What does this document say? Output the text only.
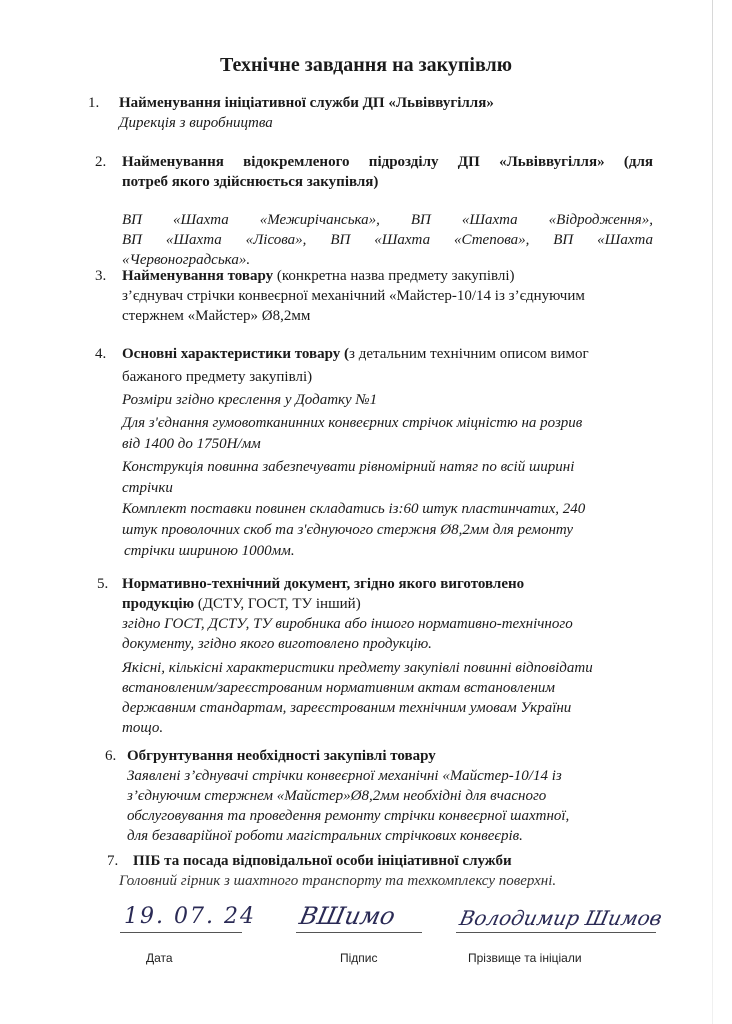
Технічне завдання на закупівлю
1. Найменування ініціативної служби ДП «Львіввугілля»
Дирекція з виробництва
2. Найменування відокремленого підрозділу ДП «Львіввугілля» (для
потреб якого здійснюється закупівля)
ВП «Шахта «Межирічанська», ВП «Шахта «Відродження»,
ВП «Шахта «Лісова», ВП «Шахта «Степова», ВП «Шахта
«Червоноградська».
3. Найменування товару (конкретна назва предмету закупівлі)
з’єднувач стрічки конвеєрної механічний «Майстер-10/14 із з’єднуючим
стержнем «Майстер» Ø8,2мм
4. Основні характеристики товару (з детальним технічним описом вимог
бажаного предмету закупівлі)
Розміри згідно креслення у Додатку №1
Для з'єднання гумовотканинних конвеєрних стрічок міцністю на розрив
від 1400 до 1750Н/мм
Конструкція повинна забезпечувати рівномірний натяг по всій ширині
стрічки
Комплект поставки повинен складатись із:60 штук пластинчатих, 240
штук проволочних скоб та з'єднуючого стержня Ø8,2мм для ремонту
стрічки шириною 1000мм.
5. Нормативно-технічний документ, згідно якого виготовлено
продукцію (ДСТУ, ГОСТ, ТУ інший)
згідно ГОСТ, ДСТУ, ТУ виробника або іншого нормативно-технічного
документу, згідно якого виготовлено продукцію.
Якісні, кількісні характеристики предмету закупівлі повинні відповідати
встановленим/зареєстрованим нормативним актам встановленим
державним стандартам, зареєстрованим технічним умовам України
тощо.
6. Обгрунтування необхідності закупівлі товару
Заявлені з’єднувачі стрічки конвеєрної механічні «Майстер-10/14 із
з’єднуючим стержнем «Майстер»Ø8,2мм необхідні для вчасного
обслуговування та проведення ремонту стрічки конвеєрної шахтної,
для безаварійної роботи магістральних стрічкових конвеєрів.
7. ПІБ та посада відповідальної особи ініціативної служби
Головний гірник з шахтного транспорту та техкомплексу поверхні.
19. 07. 24 ВШимо	Володимир Шимов
Дата	Підпис	Прізвище та ініціали
